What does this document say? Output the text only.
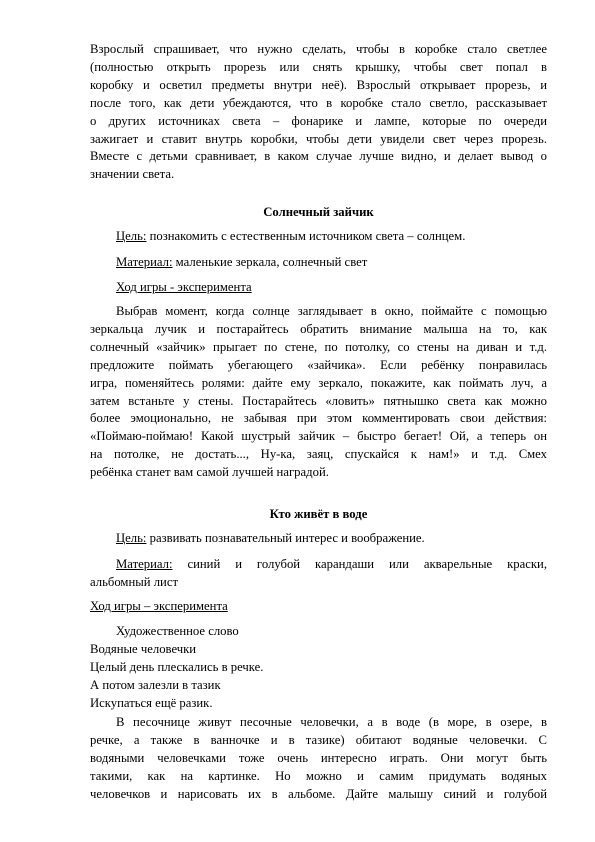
Взрослый спрашивает, что нужно сделать, чтобы в коробке стало светлее
(полностью открыть прорезь или снять крышку, чтобы свет попал в
коробку и осветил предметы внутри неё). Взрослый открывает прорезь, и
после того, как дети убеждаются, что в коробке стало светло, рассказывает
о других источниках света – фонарике и лампе, которые по очереди
зажигает и ставит внутрь коробки, чтобы дети увидели свет через прорезь.
Вместе с детьми сравнивает, в каком случае лучше видно, и делает вывод о
значении света.
Солнечный зайчик
Цель: познакомить с естественным источником света – солнцем.
Материал: маленькие зеркала, солнечный свет
Ход игры - эксперимента
Выбрав момент, когда солнце заглядывает в окно, поймайте с помощью
зеркальца лучик и постарайтесь обратить внимание малыша на то, как
солнечный «зайчик» прыгает по стене, по потолку, со стены на диван и т.д.
предложите поймать убегающего «зайчика». Если ребёнку понравилась
игра, поменяйтесь ролями: дайте ему зеркало, покажите, как поймать луч, а
затем встаньте у стены. Постарайтесь «ловить» пятнышко света как можно
более эмоционально, не забывая при этом комментировать свои действия:
«Поймаю-поймаю! Какой шустрый зайчик – быстро бегает! Ой, а теперь он
на потолке, не достать..., Ну-ка, заяц, спускайся к нам!» и т.д. Смех
ребёнка станет вам самой лучшей наградой.
Кто живёт в воде
Цель: развивать познавательный интерес и воображение.
Материал: синий и голубой карандаши или акварельные краски,
альбомный лист
Ход игры – эксперимента
Художественное слово
Водяные человечки
Целый день плескались в речке.
А потом залезли в тазик
Искупаться ещё разик.
В песочнице живут песочные человечки, а в воде (в море, в озере, в
речке, а также в ванночке и в тазике) обитают водяные человечки. С
водяными человечками тоже очень интересно играть. Они могут быть
такими, как на картинке. Но можно и самим придумать водяных
человечков и нарисовать их в альбоме. Дайте малышу синий и голубой
